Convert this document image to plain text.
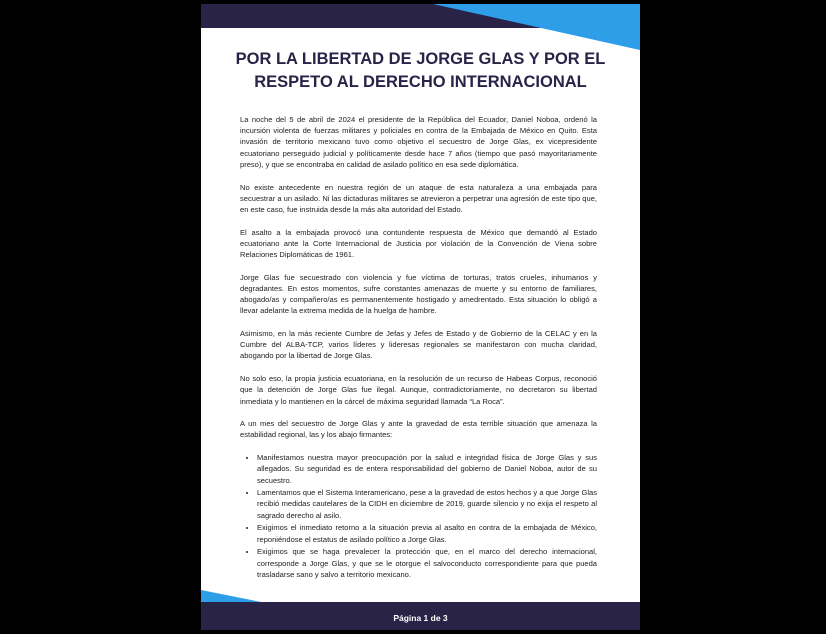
POR LA LIBERTAD DE JORGE GLAS Y POR EL RESPETO AL DERECHO INTERNACIONAL

La noche del 5 de abril de 2024 el presidente de la República del Ecuador, Daniel Noboa, ordenó la incursión violenta de fuerzas militares y policiales en contra de la Embajada de México en Quito. Esta invasión de territorio mexicano tuvo como objetivo el secuestro de Jorge Glas, ex vicepresidente ecuatoriano perseguido judicial y políticamente desde hace 7 años (tiempo que pasó mayoritariamente preso), y que se encontraba en calidad de asilado político en esa sede diplomática.

No existe antecedente en nuestra región de un ataque de esta naturaleza a una embajada para secuestrar a un asilado. Ni las dictaduras militares se atrevieron a perpetrar una agresión de este tipo que, en este caso, fue instruida desde la más alta autoridad del Estado.

El asalto a la embajada provocó una contundente respuesta de México que demandó al Estado ecuatoriano ante la Corte Internacional de Justicia por violación de la Convención de Viena sobre Relaciones Diplomáticas de 1961.

Jorge Glas fue secuestrado con violencia y fue víctima de torturas, tratos crueles, inhumanos y degradantes. En estos momentos, sufre constantes amenazas de muerte y su entorno de familiares, abogado/as y compañero/as es permanentemente hostigado y amedrentado. Esta situación lo obligó a llevar adelante la extrema medida de la huelga de hambre.

Asimismo, en la más reciente Cumbre de Jefas y Jefes de Estado y de Gobierno de la CELAC y en la Cumbre del ALBA-TCP, varios líderes y lideresas regionales se manifestaron con mucha claridad, abogando por la libertad de Jorge Glas.

No solo eso, la propia justicia ecuatoriana, en la resolución de un recurso de Habeas Corpus, reconoció que la detención de Jorge Glas fue ilegal. Aunque, contradictoriamente, no decretaron su libertad inmediata y lo mantienen en la cárcel de máxima seguridad llamada “La Roca”.

A un mes del secuestro de Jorge Glas y ante la gravedad de esta terrible situación que amenaza la estabilidad regional, las y los abajo firmantes:

• Manifestamos nuestra mayor preocupación por la salud e integridad física de Jorge Glas y sus allegados. Su seguridad es de entera responsabilidad del gobierno de Daniel Noboa, autor de su secuestro.
• Lamentamos que el Sistema Interamericano, pese a la gravedad de estos hechos y a que Jorge Glas recibió medidas cautelares de la CIDH en diciembre de 2019, guarde silencio y no exija el respeto al sagrado derecho al asilo.
• Exigimos el inmediato retorno a la situación previa al asalto en contra de la embajada de México, reponiéndose el estatus de asilado político a Jorge Glas.
• Exigimos que se haga prevalecer la protección que, en el marco del derecho internacional, corresponde a Jorge Glas, y que se le otorgue el salvoconducto correspondiente para que pueda trasladarse sano y salvo a territorio mexicano.
Página 1 de 3
